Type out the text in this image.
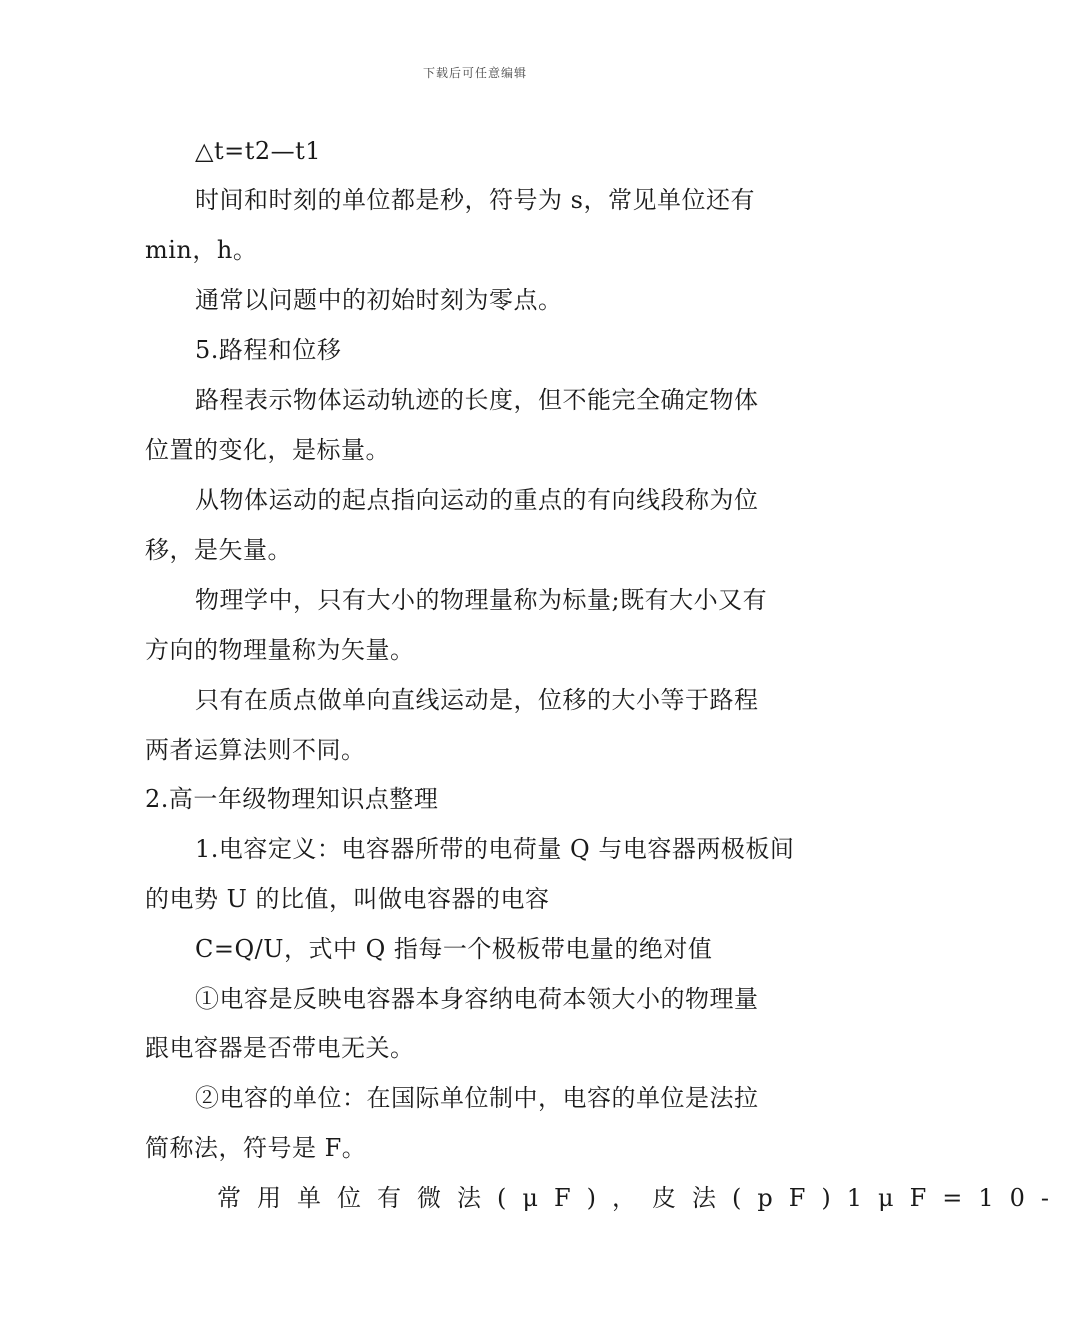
下载后可任意编辑
△t=t2—t1
时间和时刻的单位都是秒，符号为 s，常见单位还有
min，h。
通常以问题中的初始时刻为零点。
5.路程和位移
路程表示物体运动轨迹的长度，但不能完全确定物体
位置的变化，是标量。
从物体运动的起点指向运动的重点的有向线段称为位
移，是矢量。
物理学中，只有大小的物理量称为标量;既有大小又有
方向的物理量称为矢量。
只有在质点做单向直线运动是，位移的大小等于路程
两者运算法则不同。
2.高一年级物理知识点整理
1.电容定义：电容器所带的电荷量 Q 与电容器两极板间
的电势 U 的比值，叫做电容器的电容
C=Q/U，式中 Q 指每一个极板带电量的绝对值
①电容是反映电容器本身容纳电荷本领大小的物理量
跟电容器是否带电无关。
②电容的单位：在国际单位制中，电容的单位是法拉
简称法，符号是 F。
常用单位有微法(μF)，皮法(pF)1μF=10-
